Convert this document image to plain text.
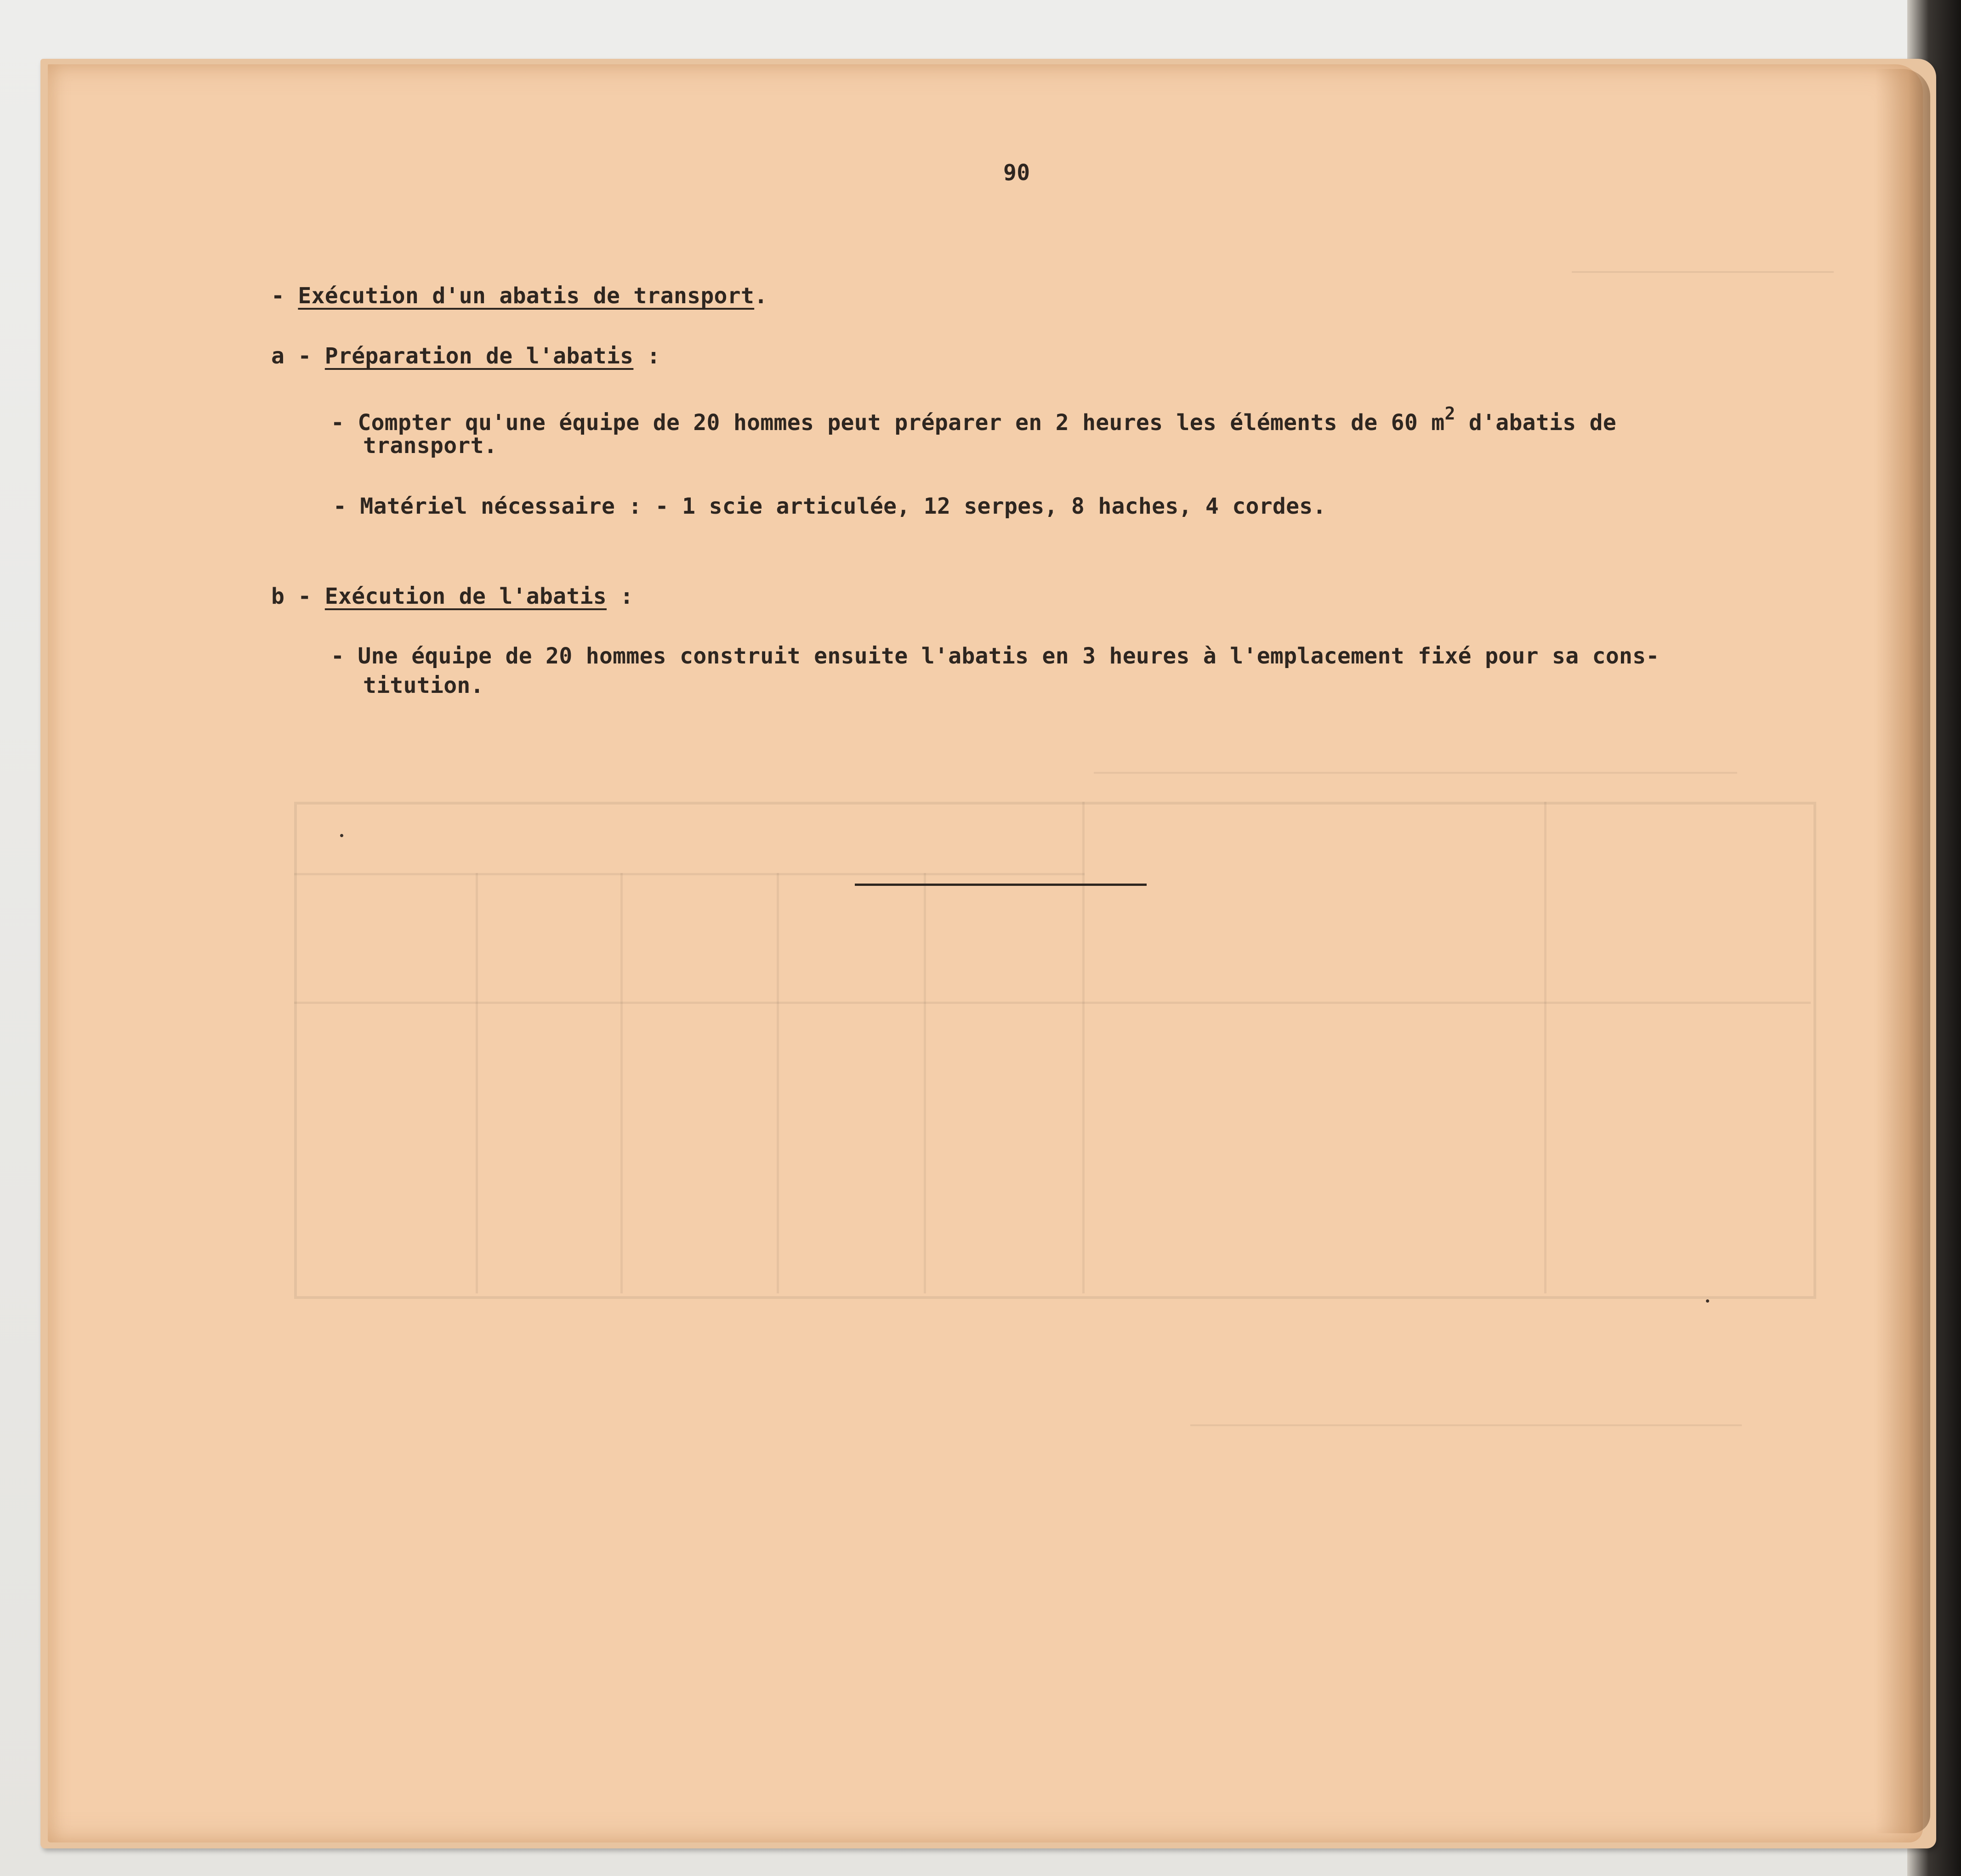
90
- Exécution d'un abatis de transport.
a - Préparation de l'abatis :
- Compter qu'une équipe de 20 hommes peut préparer en 2 heures les éléments de 60 $m^2$ d'abatis de
transport.
- Matériel nécessaire : - 1 scie articulée, 12 serpes, 8 haches, 4 cordes.
b - Exécution de l'abatis :
- Une équipe de 20 hommes construit ensuite l'abatis en 3 heures à l'emplacement fixé pour sa cons-
titution.
